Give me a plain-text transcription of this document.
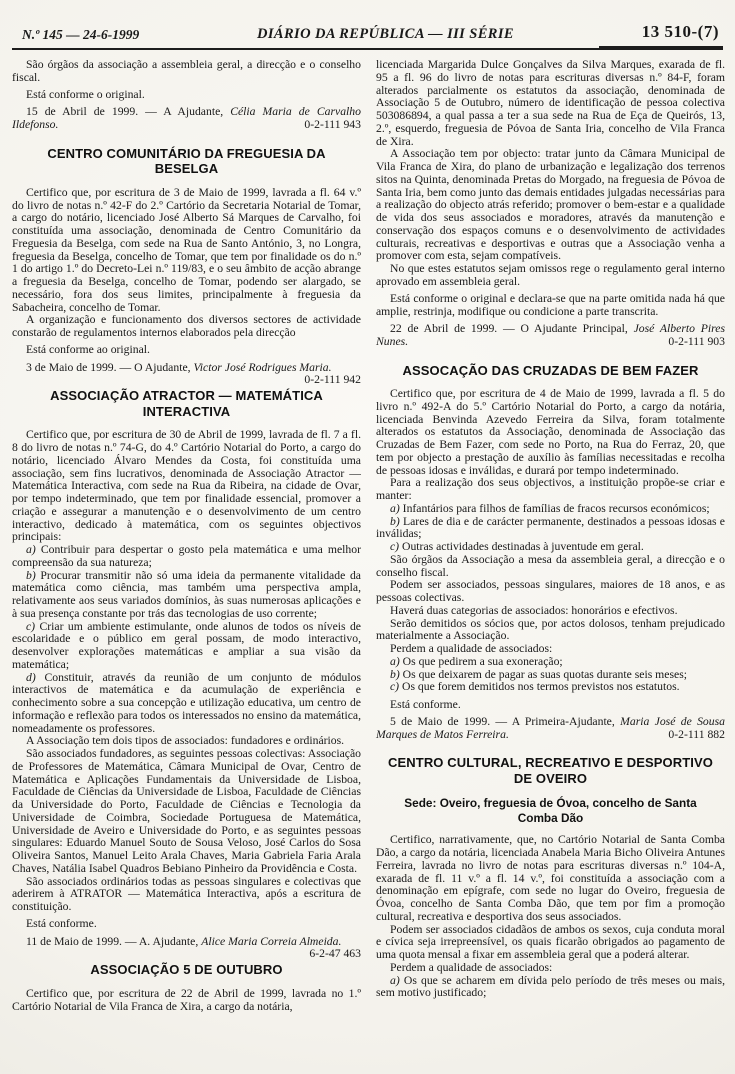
N.º 145 — 24-6-1999	DIÁRIO DA REPÚBLICA — III SÉRIE	13 510-(7)

São órgãos da associação a assembleia geral, a direcção e o conselho fiscal.

Está conforme o original.

15 de Abril de 1999. — A Ajudante, Célia Maria de Carvalho Ildefonso.	0-2-111 943

CENTRO COMUNITÁRIO DA FREGUESIA DA BESELGA

Certifico que, por escritura de 3 de Maio de 1999, lavrada a fl. 64 v.º do livro de notas n.º 42-F do 2.º Cartório da Secretaria Notarial de Tomar, a cargo do notário, licenciado José Alberto Sá Marques de Carvalho, foi constituída uma associação, denominada de Centro Comunitário da Freguesia da Beselga, com sede na Rua de Santo António, 3, no Longra, freguesia da Beselga, concelho de Tomar, que tem por finalidade os do n.º 1 do artigo 1.º do Decreto-Lei n.º 119/83, e o seu âmbito de acção abrange a freguesia da Beselga, concelho de Tomar, podendo ser alargado, se necessário, fora dos seus limites, principalmente à freguesia da Sabacheira, concelho de Tomar.

A organização e funcionamento dos diversos sectores de actividade constarão de regulamentos internos elaborados pela direcção

Está conforme ao original.

3 de Maio de 1999. — O Ajudante, Victor José Rodrigues Maria.
0-2-111 942

ASSOCIAÇÃO ATRACTOR — MATEMÁTICA INTERACTIVA

Certifico que, por escritura de 30 de Abril de 1999, lavrada de fl. 7 a fl. 8 do livro de notas n.º 74-G, do 4.º Cartório Notarial do Porto, a cargo do notário, licenciado Álvaro Mendes da Costa, foi constituída uma associação, sem fins lucrativos, denominada de Associação Atractor — Matemática Interactiva, com sede na Rua da Ribeira, na cidade de Ovar, por tempo indeterminado, que tem por finalidade essencial, promover a criação e assegurar a manutenção e o desenvolvimento de um centro interactivo, dedicado à matemática, com os seguintes objectivos principais:

a) Contribuir para despertar o gosto pela matemática e uma melhor compreensão da sua natureza;

b) Procurar transmitir não só uma ideia da permanente vitalidade da matemática como ciência, mas também uma perspectiva ampla, relativamente aos seus variados domínios, às suas numerosas aplicações e à sua presença constante por trás das tecnologias de uso corrente;

c) Criar um ambiente estimulante, onde alunos de todos os níveis de escolaridade e o público em geral possam, de modo interactivo, desenvolver explorações matemáticas e ampliar a sua visão da matemática;

d) Constituir, através da reunião de um conjunto de módulos interactivos de matemática e da acumulação de experiência e conhecimento sobre a sua concepção e utilização educativa, um centro de informação e reflexão para todos os interessados no ensino da matemática, nomeadamente os professores.

A Associação tem dois tipos de associados: fundadores e ordinários.

São associados fundadores, as seguintes pessoas colectivas: Associação de Professores de Matemática, Câmara Municipal de Ovar, Centro de Matemática e Aplicações Fundamentais da Universidade de Lisboa, Faculdade de Ciências da Universidade de Lisboa, Faculdade de Ciências da Universidade do Porto, Faculdade de Ciências e Tecnologia da Universidade de Coimbra, Sociedade Portuguesa de Matemática, Universidade de Aveiro e Universidade do Porto, e as seguintes pessoas singulares: Eduardo Manuel Souto de Sousa Veloso, José Carlos do Sosa Oliveira Santos, Manuel Leito Arala Chaves, Maria Gabriela Faria Arala Chaves, Natália Isabel Quadros Bebiano Pinheiro da Providência e Costa.

São associados ordinários todas as pessoas singulares e colectivas que aderirem à ATRATOR — Matemática Interactiva, após a escritura de constituição.

Está conforme.

11 de Maio de 1999. — A. Ajudante, Alice Maria Correia Almeida.
6-2-47 463

ASSOCIAÇÃO 5 DE OUTUBRO

Certifico que, por escritura de 22 de Abril de 1999, lavrada no 1.º Cartório Notarial de Vila Franca de Xira, a cargo da notária,

licenciada Margarida Dulce Gonçalves da Silva Marques, exarada de fl. 95 a fl. 96 do livro de notas para escrituras diversas n.º 84-F, foram alterados parcialmente os estatutos da associação, denominada de Associação 5 de Outubro, número de identificação de pessoa colectiva 503086894, a qual passa a ter a sua sede na Rua de Eça de Queirós, 13, 2.º, esquerdo, freguesia de Póvoa de Santa Iria, concelho de Vila Franca de Xira.

A Associação tem por objecto: tratar junto da Câmara Municipal de Vila Franca de Xira, do plano de urbanização e legalização dos terrenos sitos na Quinta, denominada Pretas do Morgado, na freguesia de Póvoa de Santa Iria, bem como junto das demais entidades julgadas necessárias para a realização do objecto atrás referido; promover o bem-estar e a qualidade de vida dos seus associados e moradores, através da manutenção e conservação dos espaços comuns e o desenvolvimento de actividades culturais, recreativas e desportivas e outras que a Associação venha a promover com esta, sejam compatíveis.

No que estes estatutos sejam omissos rege o regulamento geral interno aprovado em assembleia geral.

Está conforme o original e declara-se que na parte omitida nada há que amplie, restrinja, modifique ou condicione a parte transcrita.

22 de Abril de 1999. — O Ajudante Principal, José Alberto Pires Nunes.	0-2-111 903

ASSOCAÇÃO DAS CRUZADAS DE BEM FAZER

Certifico que, por escritura de 4 de Maio de 1999, lavrada a fl. 5 do livro n.º 492-A do 5.º Cartório Notarial do Porto, a cargo da notária, licenciada Benvinda Azevedo Ferreira da Silva, foram totalmente alterados os estatutos da Associação, denominada de Associação das Cruzadas de Bem Fazer, com sede no Porto, na Rua do Ferraz, 20, que tem por objecto a prestação de auxílio às famílias necessitadas e recolha de pessoas idosas e inválidas, e durará por tempo indeterminado.

Para a realização dos seus objectivos, a instituição propõe-se criar e manter:

a) Infantários para filhos de famílias de fracos recursos económicos;

b) Lares de dia e de carácter permanente, destinados a pessoas idosas e inválidas;

c) Outras actividades destinadas à juventude em geral.

São órgãos da Associação a mesa da assembleia geral, a direcção e o conselho fiscal.

Podem ser associados, pessoas singulares, maiores de 18 anos, e as pessoas colectivas.

Haverá duas categorias de associados: honorários e efectivos.

Serão demitidos os sócios que, por actos dolosos, tenham prejudicado materialmente a Associação.

Perdem a qualidade de associados:

a) Os que pedirem a sua exoneração;

b) Os que deixarem de pagar as suas quotas durante seis meses;

c) Os que forem demitidos nos termos previstos nos estatutos.

Está conforme.

5 de Maio de 1999. — A Primeira-Ajudante, Maria José de Sousa Marques de Matos Ferreira.	0-2-111 882

CENTRO CULTURAL, RECREATIVO E DESPORTIVO DE OVEIRO
Sede: Oveiro, freguesia de Óvoa, concelho de Santa Comba Dão

Certifico, narrativamente, que, no Cartório Notarial de Santa Comba Dão, a cargo da notária, licenciada Anabela Maria Bicho Oliveira Antunes Ferreira, lavrada no livro de notas para escrituras diversas n.º 104-A, exarada de fl. 11 v.º a fl. 14 v.º, foi constituída a associação com a denominação em epígrafe, com sede no lugar do Oveiro, freguesia de Óvoa, concelho de Santa Comba Dão, que tem por fim a promoção cultural, recreativa e desportiva dos seus associados.

Podem ser associados cidadãos de ambos os sexos, cuja conduta moral e cívica seja irrepreensível, os quais ficarão obrigados ao pagamento de uma quota mensal a fixar em assembleia geral que a poderá alterar.

Perdem a qualidade de associados:

a) Os que se acharem em dívida pelo período de três meses ou mais, sem motivo justificado;
